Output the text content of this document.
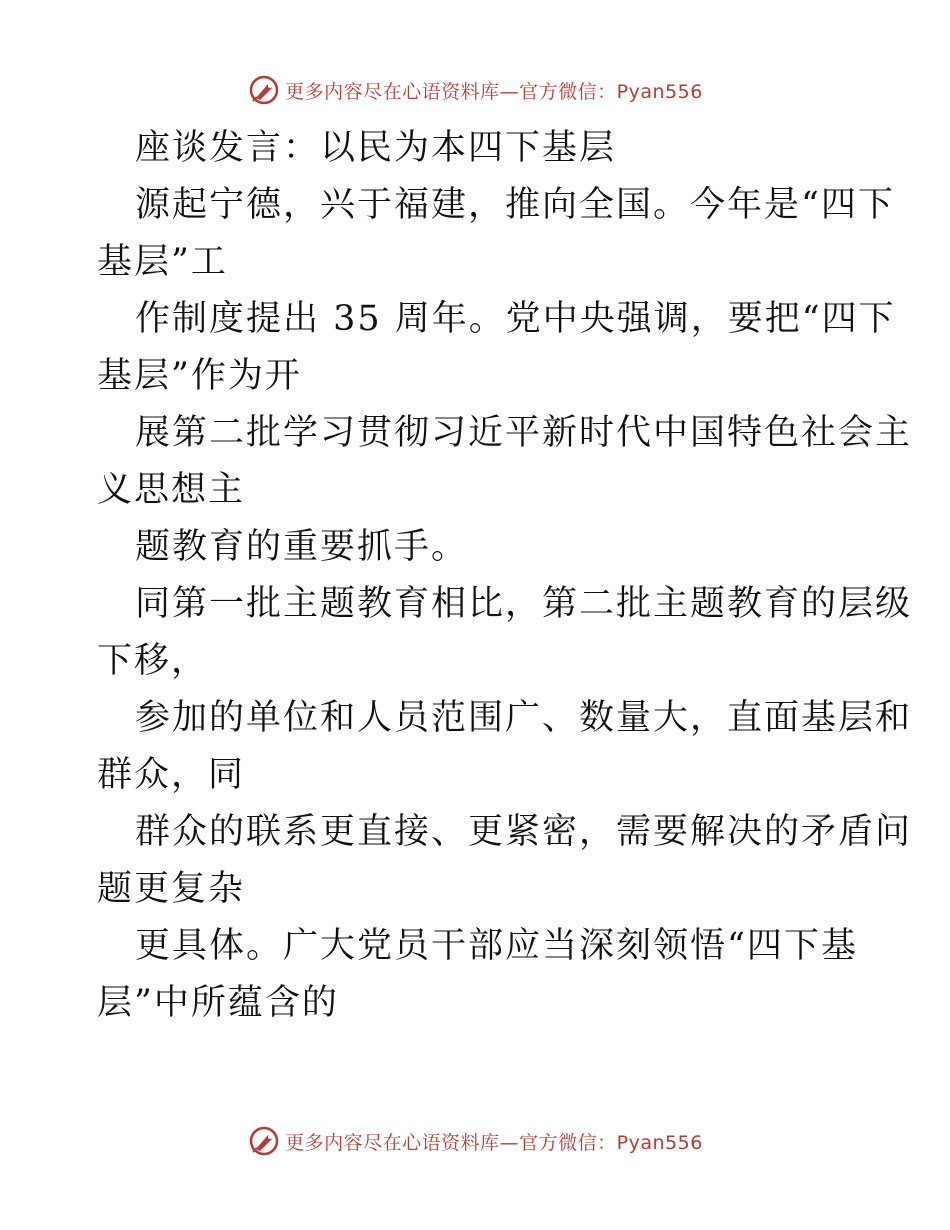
更多内容尽在心语资料库—官方微信：Pyan556

座谈发言：以民为本四下基层

源起宁德，兴于福建，推向全国。今年是“四下

基层”工

作制度提出 35 周年。党中央强调，要把“四下

基层”作为开

展第二批学习贯彻习近平新时代中国特色社会主

义思想主

题教育的重要抓手。

同第一批主题教育相比，第二批主题教育的层级

下移，

参加的单位和人员范围广、数量大，直面基层和

群众，同

群众的联系更直接、更紧密，需要解决的矛盾问

题更复杂

更具体。广大党员干部应当深刻领悟“四下基

层”中所蕴含的

更多内容尽在心语资料库—官方微信：Pyan556
